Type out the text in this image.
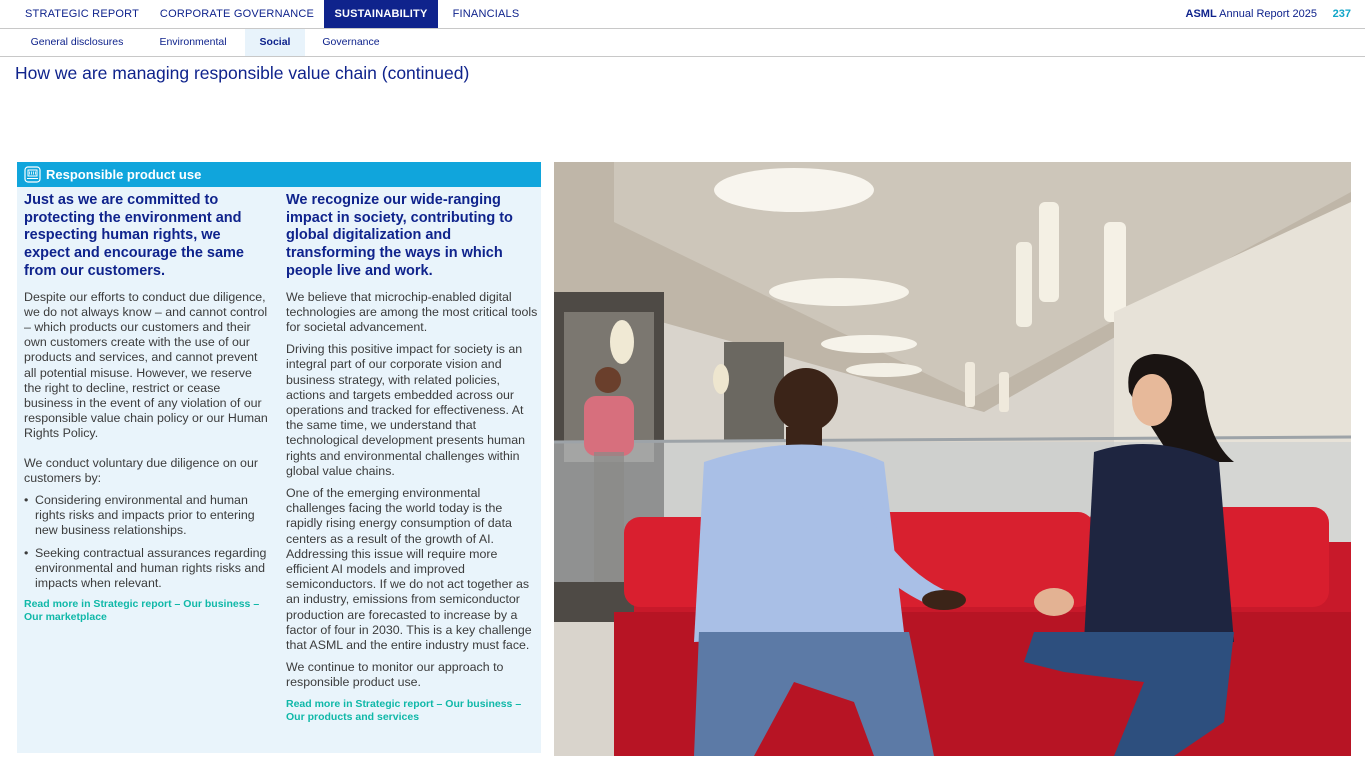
STRATEGIC REPORT	CORPORATE GOVERNANCE	SUSTAINABILITY	FINANCIALS	ASML Annual Report 2025 237
General disclosures	Environmental	Social	Governance
How we are managing responsible value chain (continued)
Responsible product use
Just as we are committed to protecting the environment and respecting human rights, we expect and encourage the same from our customers.

Despite our efforts to conduct due diligence, we do not always know – and cannot control – which products our customers and their own customers create with the use of our products and services, and cannot prevent all potential misuse. However, we reserve the right to decline, restrict or cease business in the event of any violation of our responsible value chain policy or our Human Rights Policy.

We conduct voluntary due diligence on our customers by:

• Considering environmental and human rights risks and impacts prior to entering new business relationships.
• Seeking contractual assurances regarding environmental and human rights risks and impacts when relevant.
Read more in Strategic report – Our business – Our marketplace
We recognize our wide-ranging impact in society, contributing to global digitalization and transforming the ways in which people live and work.

We believe that microchip-enabled digital technologies are among the most critical tools for societal advancement.

Driving this positive impact for society is an integral part of our corporate vision and business strategy, with related policies, actions and targets embedded across our operations and tracked for effectiveness. At the same time, we understand that technological development presents human rights and environmental challenges within global value chains.

One of the emerging environmental challenges facing the world today is the rapidly rising energy consumption of data centers as a result of the growth of AI. Addressing this issue will require more efficient AI models and improved semiconductors. If we do not act together as an industry, emissions from semiconductor production are forecasted to increase by a factor of four in 2030. This is a key challenge that ASML and the entire industry must face.

We continue to monitor our approach to responsible product use.

Read more in Strategic report – Our business – Our products and services
